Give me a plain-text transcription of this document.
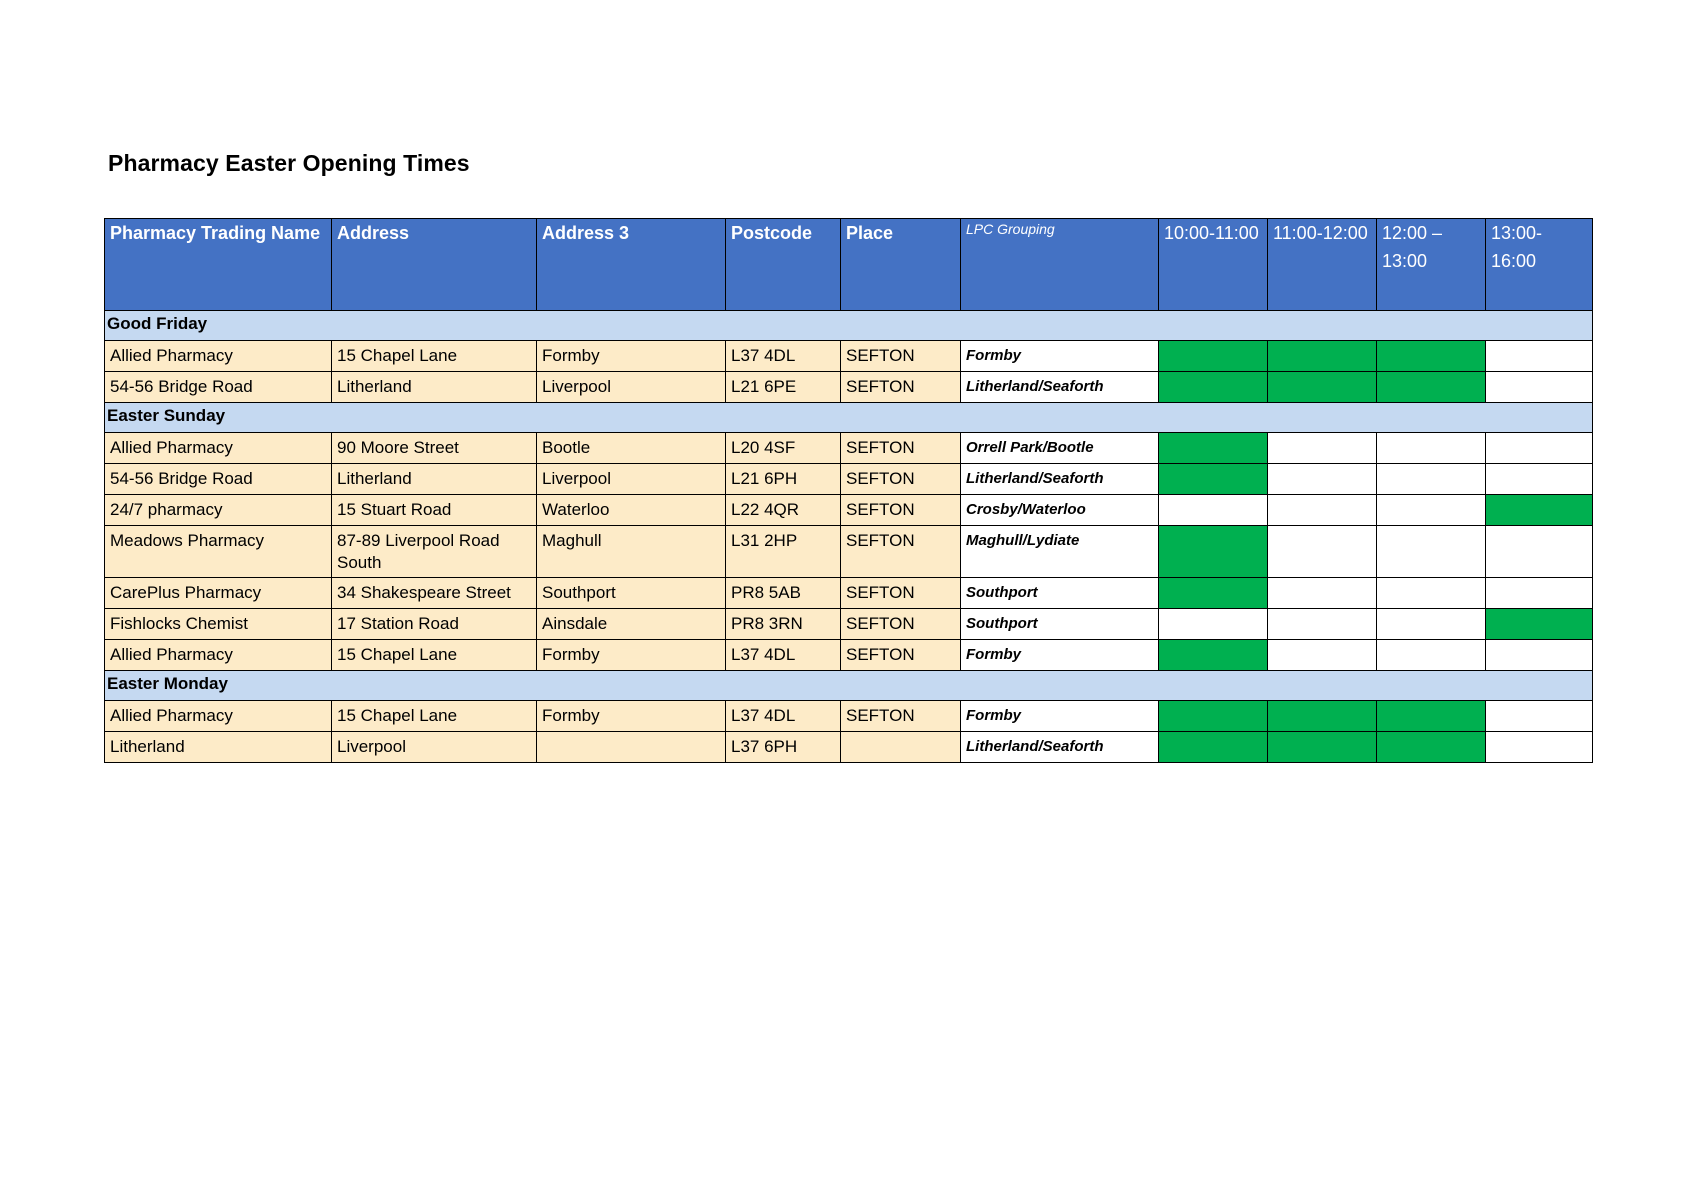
Pharmacy Easter Opening Times
Pharmacy Trading Name	Address	Address 3	Postcode	Place	LPC Grouping	10:00-11:00	11:00-12:00	12:00 – 13:00	13:00-16:00
Good Friday									
Allied Pharmacy	15 Chapel Lane	Formby	L37 4DL	SEFTON	Formby				
54-56 Bridge Road	Litherland	Liverpool	L21 6PE	SEFTON	Litherland/Seaforth				
Easter Sunday									
Allied Pharmacy	90 Moore Street	Bootle	L20 4SF	SEFTON	Orrell Park/Bootle				
54-56 Bridge Road	Litherland	Liverpool	L21 6PH	SEFTON	Litherland/Seaforth				
24/7 pharmacy	15 Stuart Road	Waterloo	L22 4QR	SEFTON	Crosby/Waterloo				
Meadows Pharmacy	87-89 Liverpool Road South	Maghull	L31 2HP	SEFTON	Maghull/Lydiate				
CarePlus Pharmacy	34 Shakespeare Street	Southport	PR8 5AB	SEFTON	Southport				
Fishlocks Chemist	17 Station Road	Ainsdale	PR8 3RN	SEFTON	Southport				
Allied Pharmacy	15 Chapel Lane	Formby	L37 4DL	SEFTON	Formby				
Easter Monday									
Allied Pharmacy	15 Chapel Lane	Formby	L37 4DL	SEFTON	Formby				
Litherland	Liverpool		L37 6PH		Litherland/Seaforth				
